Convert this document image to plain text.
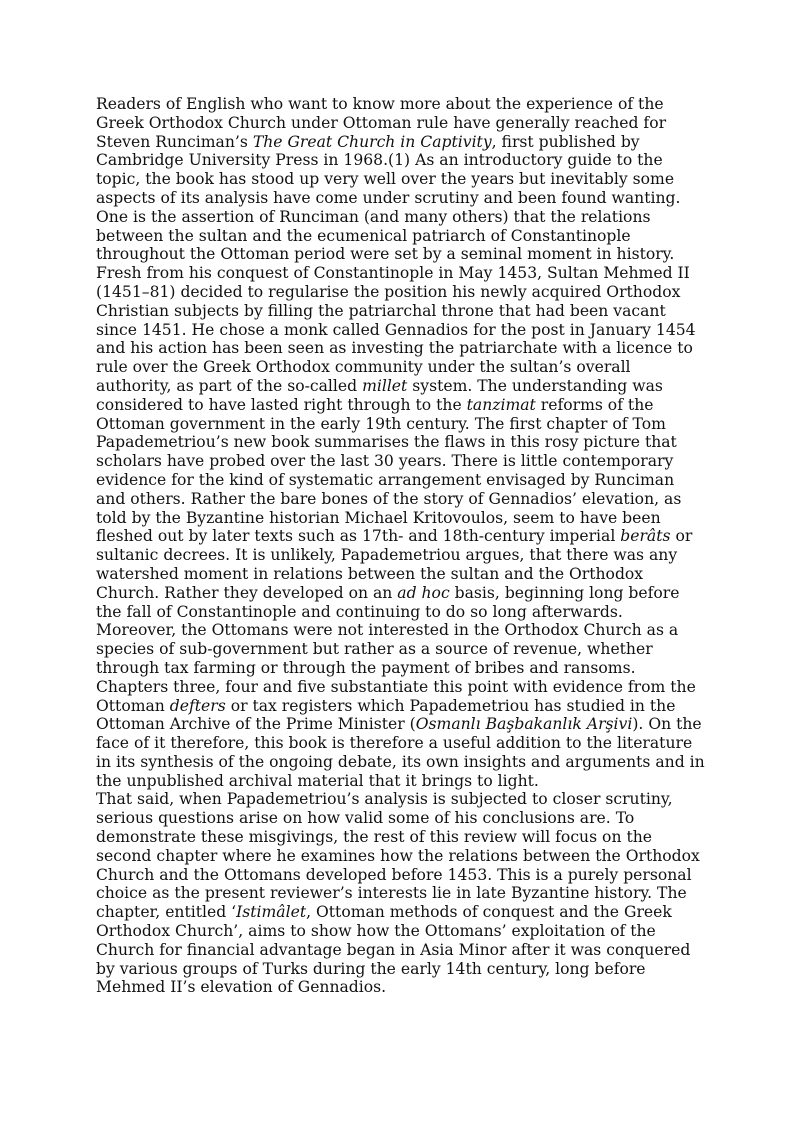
Readers of English who want to know more about the experience of the Greek Orthodox Church under Ottoman rule have generally reached for Steven Runciman’s The Great Church in Captivity, first published by Cambridge University Press in 1968.(1) As an introductory guide to the topic, the book has stood up very well over the years but inevitably some aspects of its analysis have come under scrutiny and been found wanting. One is the assertion of Runciman (and many others) that the relations between the sultan and the ecumenical patriarch of Constantinople throughout the Ottoman period were set by a seminal moment in history. Fresh from his conquest of Constantinople in May 1453, Sultan Mehmed II (1451–81) decided to regularise the position his newly acquired Orthodox Christian subjects by filling the patriarchal throne that had been vacant since 1451. He chose a monk called Gennadios for the post in January 1454 and his action has been seen as investing the patriarchate with a licence to rule over the Greek Orthodox community under the sultan’s overall authority, as part of the so-called millet system. The understanding was considered to have lasted right through to the tanzimat reforms of the Ottoman government in the early 19th century. The first chapter of Tom Papademetriou’s new book summarises the flaws in this rosy picture that scholars have probed over the last 30 years. There is little contemporary evidence for the kind of systematic arrangement envisaged by Runciman and others. Rather the bare bones of the story of Gennadios’ elevation, as told by the Byzantine historian Michael Kritovoulos, seem to have been fleshed out by later texts such as 17th- and 18th-century imperial berâts or sultanic decrees. It is unlikely, Papademetriou argues, that there was any watershed moment in relations between the sultan and the Orthodox Church. Rather they developed on an ad hoc basis, beginning long before the fall of Constantinople and continuing to do so long afterwards. Moreover, the Ottomans were not interested in the Orthodox Church as a species of sub-government but rather as a source of revenue, whether through tax farming or through the payment of bribes and ransoms. Chapters three, four and five substantiate this point with evidence from the Ottoman defters or tax registers which Papademetriou has studied in the Ottoman Archive of the Prime Minister (Osmanlı Başbakanlık Arşivi). On the face of it therefore, this book is therefore a useful addition to the literature in its synthesis of the ongoing debate, its own insights and arguments and in the unpublished archival material that it brings to light.

That said, when Papademetriou’s analysis is subjected to closer scrutiny, serious questions arise on how valid some of his conclusions are. To demonstrate these misgivings, the rest of this review will focus on the second chapter where he examines how the relations between the Orthodox Church and the Ottomans developed before 1453. This is a purely personal choice as the present reviewer’s interests lie in late Byzantine history. The chapter, entitled ‘Istimâlet, Ottoman methods of conquest and the Greek Orthodox Church’, aims to show how the Ottomans’ exploitation of the Church for financial advantage began in Asia Minor after it was conquered by various groups of Turks during the early 14th century, long before Mehmed II’s elevation of Gennadios.
